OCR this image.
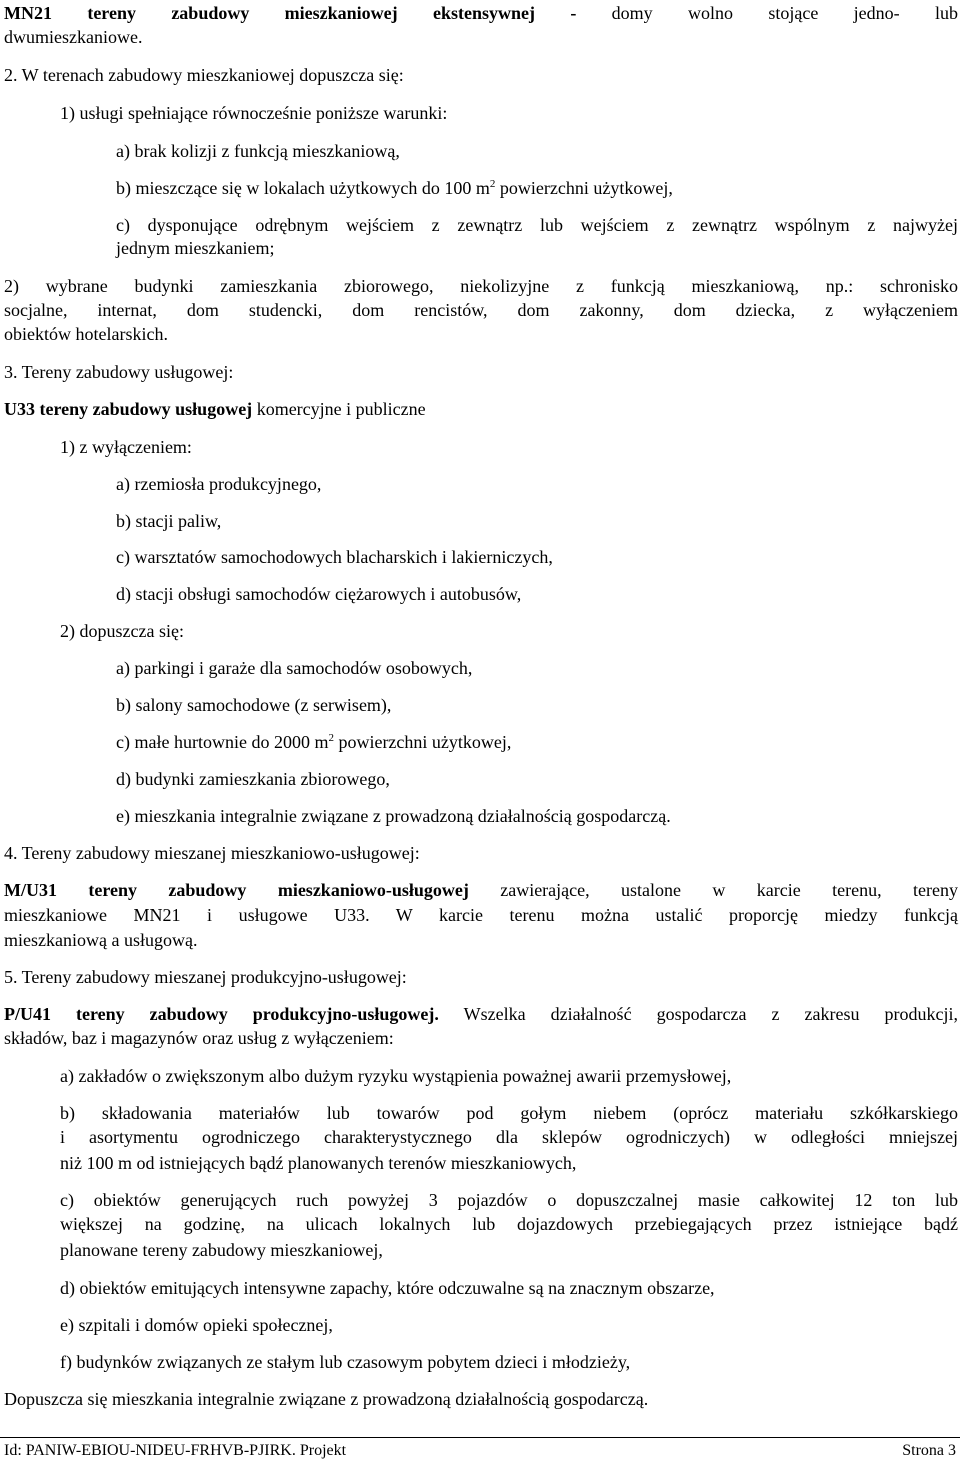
MN21 tereny zabudowy mieszkaniowej ekstensywnej - domy wolno stojące jedno- lub
dwumieszkaniowe.
2. W terenach zabudowy mieszkaniowej dopuszcza się:
1) usługi spełniające równocześnie poniższe warunki:
a) brak kolizji z funkcją mieszkaniową,
b) mieszczące się w lokalach użytkowych do 100 $m^2$ powierzchni użytkowej,
c) dysponujące odrębnym wejściem z zewnątrz lub wejściem z zewnątrz wspólnym z najwyżej
jednym mieszkaniem;
2) wybrane budynki zamieszkania zbiorowego, niekolizyjne z funkcją mieszkaniową, np.: schronisko
socjalne, internat, dom studencki, dom rencistów, dom zakonny, dom dziecka, z wyłączeniem
obiektów hotelarskich.
3. Tereny zabudowy usługowej:
U33 tereny zabudowy usługowej komercyjne i publiczne
1) z wyłączeniem:
a) rzemiosła produkcyjnego,
b) stacji paliw,
c) warsztatów samochodowych blacharskich i lakierniczych,
d) stacji obsługi samochodów ciężarowych i autobusów,
2) dopuszcza się:
a) parkingi i garaże dla samochodów osobowych,
b) salony samochodowe (z serwisem),
c) małe hurtownie do 2000 $m^2$ powierzchni użytkowej,
d) budynki zamieszkania zbiorowego,
e) mieszkania integralnie związane z prowadzoną działalnością gospodarczą.
4. Tereny zabudowy mieszanej mieszkaniowo-usługowej:
M/U31 tereny zabudowy mieszkaniowo-usługowej zawierające, ustalone w karcie terenu, tereny
mieszkaniowe MN21 i usługowe U33. W karcie terenu można ustalić proporcję miedzy funkcją
mieszkaniową a usługową.
5. Tereny zabudowy mieszanej produkcyjno-usługowej:
P/U41 tereny zabudowy produkcyjno-usługowej. Wszelka działalność gospodarcza z zakresu produkcji,
składów, baz i magazynów oraz usług z wyłączeniem:
a) zakładów o zwiększonym albo dużym ryzyku wystąpienia poważnej awarii przemysłowej,
b) składowania materiałów lub towarów pod gołym niebem (oprócz materiału szkółkarskiego
i asortymentu ogrodniczego charakterystycznego dla sklepów ogrodniczych) w odległości mniejszej
niż 100 m od istniejących bądź planowanych terenów mieszkaniowych,
c) obiektów generujących ruch powyżej 3 pojazdów o dopuszczalnej masie całkowitej 12 ton lub
większej na godzinę, na ulicach lokalnych lub dojazdowych przebiegających przez istniejące bądź
planowane tereny zabudowy mieszkaniowej,
d) obiektów emitujących intensywne zapachy, które odczuwalne są na znacznym obszarze,
e) szpitali i domów opieki społecznej,
f) budynków związanych ze stałym lub czasowym pobytem dzieci i młodzieży,
Dopuszcza się mieszkania integralnie związane z prowadzoną działalnością gospodarczą.
Id: PANIW-EBIOU-NIDEU-FRHVB-PJIRK. Projekt	Strona 3
